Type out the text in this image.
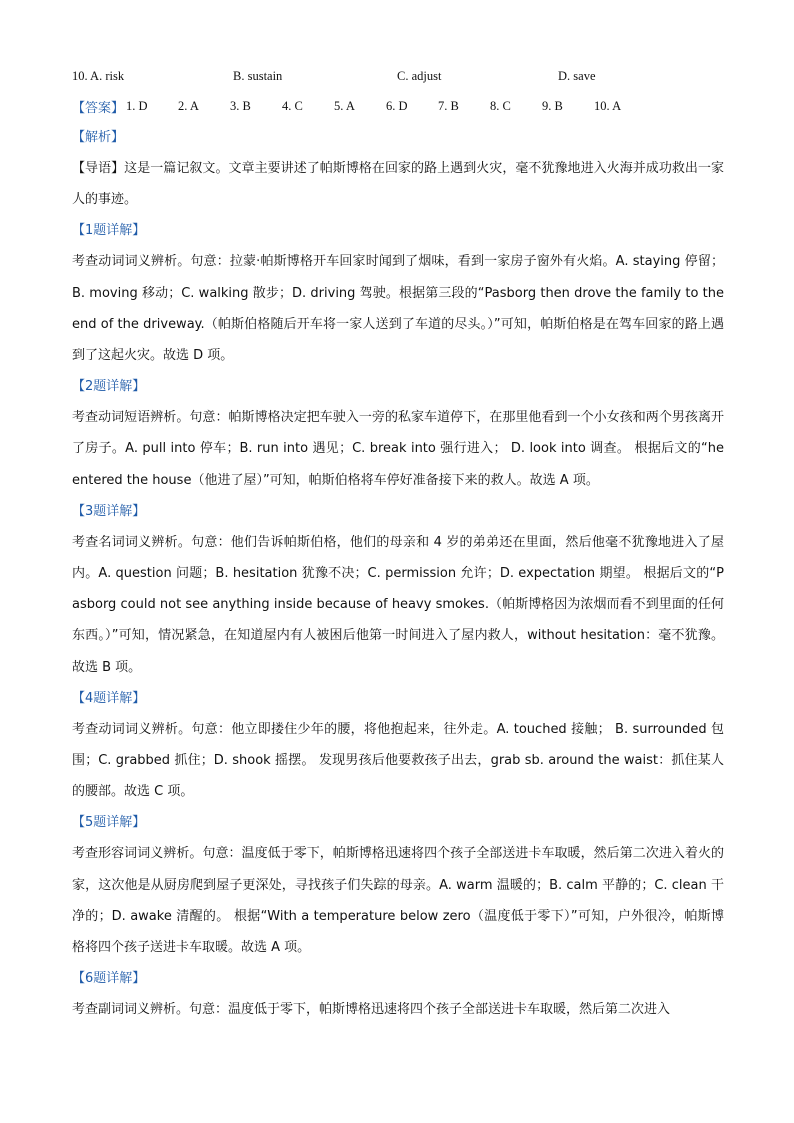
10. A. risk	B. sustain	C. adjust	D. save
【答案】 1. D	2. A	3. B	4. C	5. A	6. D	7. B	8. C	9. B	10. A
【解析】
【导语】这是一篇记叙文。文章主要讲述了帕斯博格在回家的路上遇到火灾，毫不犹豫地进入火海并成功救出一家人的事迹。
【1题详解】
考查动词词义辨析。句意：拉蒙·帕斯博格开车回家时闻到了烟味，看到一家房子窗外有火焰。A. staying 停留；B. moving 移动；C. walking 散步；D. driving 驾驶。根据第三段的“Pasborg then drove the family to the end of the driveway.（帕斯伯格随后开车将一家人送到了车道的尽头。）”可知，帕斯伯格是在驾车回家的路上遇到了这起火灾。故选 D 项。
【2题详解】
考查动词短语辨析。句意：帕斯博格决定把车驶入一旁的私家车道停下，在那里他看到一个小女孩和两个男孩离开了房子。A. pull into 停车；B. run into 遇见；C. break into 强行进入； D. look into 调查。 根据后文的“he entered the house（他进了屋）”可知，帕斯伯格将车停好准备接下来的救人。故选 A 项。
【3题详解】
考查名词词义辨析。句意：他们告诉帕斯伯格，他们的母亲和 4 岁的弟弟还在里面，然后他毫不犹豫地进入了屋内。A. question 问题；B. hesitation 犹豫不决；C. permission 允许；D. expectation 期望。 根据后文的“Pasborg could not see anything inside because of heavy smokes.（帕斯博格因为浓烟而看不到里面的任何东西。）”可知，情况紧急，在知道屋内有人被困后他第一时间进入了屋内救人，without hesitation：毫不犹豫。故选 B 项。
【4题详解】
考查动词词义辨析。句意：他立即搂住少年的腰，将他抱起来，往外走。A. touched 接触； B. surrounded 包围；C. grabbed 抓住；D. shook 摇摆。 发现男孩后他要救孩子出去，grab sb. around the waist：抓住某人的腰部。故选 C 项。
【5题详解】
考查形容词词义辨析。句意：温度低于零下，帕斯博格迅速将四个孩子全部送进卡车取暖，然后第二次进入着火的家，这次他是从厨房爬到屋子更深处，寻找孩子们失踪的母亲。A. warm 温暖的；B. calm 平静的；C. clean 干净的；D. awake 清醒的。 根据“With a temperature below zero（温度低于零下）”可知，户外很冷，帕斯博格将四个孩子送进卡车取暖。故选 A 项。
【6题详解】
考查副词词义辨析。句意：温度低于零下，帕斯博格迅速将四个孩子全部送进卡车取暖，然后第二次进入
